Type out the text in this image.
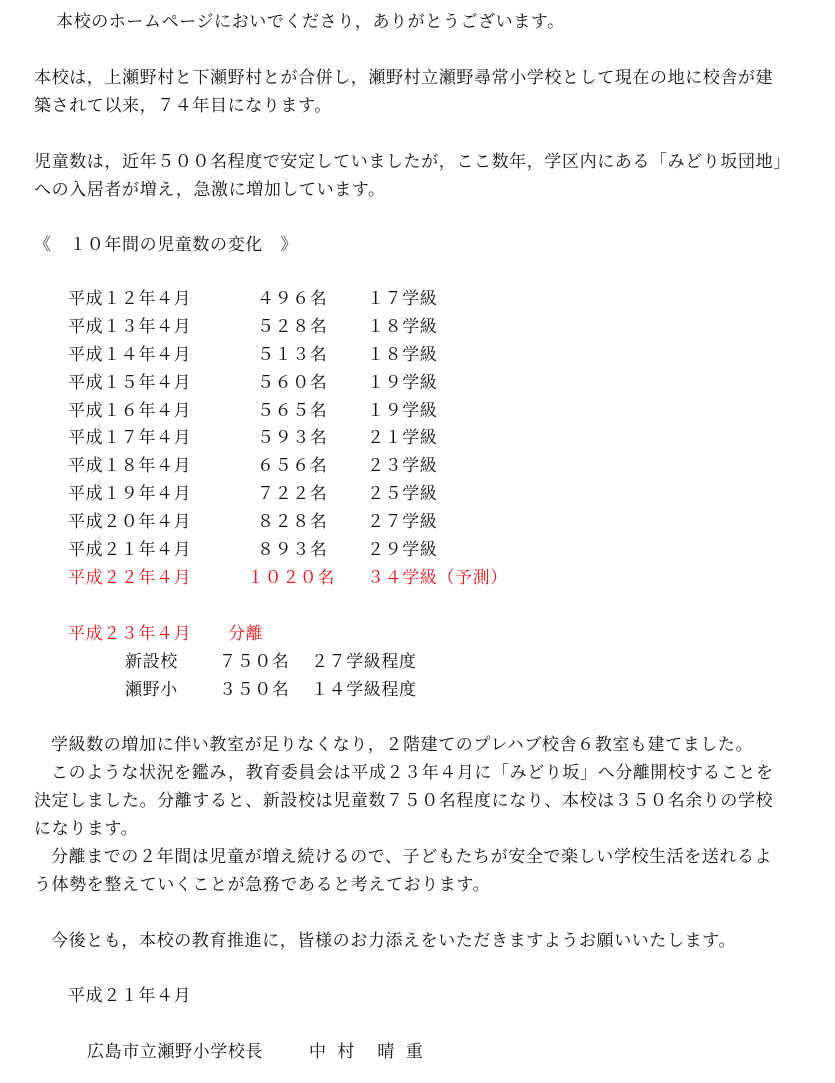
本校のホームページにおいでくださり，ありがとうございます。
本校は，上瀬野村と下瀬野村とが合併し，瀬野村立瀬野尋常小学校として現在の地に校舎が建
築されて以来，７４年目になります。
児童数は，近年５００名程度で安定していましたが，ここ数年，学区内にある「みどり坂団地」
への入居者が増え，急激に増加しています。
《　１０年間の児童数の変化　》
平成１２年４月	４９６名 １７学級
平成１３年４月	５２８名 １８学級
平成１４年４月	５１３名 １８学級
平成１５年４月	５６０名 １９学級
平成１６年４月	５６５名 １９学級
平成１７年４月	５９３名 ２１学級
平成１８年４月	６５６名 ２３学級
平成１９年４月	７２２名 ２５学級
平成２０年４月	８２８名 ２７学級
平成２１年４月	８９３名 ２９学級
平成２２年４月	１０２０名 ３４学級（予測）
平成２３年４月 分離
新設校 ７５０名 ２７学級程度
瀬野小 ３５０名 １４学級程度
学級数の増加に伴い教室が足りなくなり，２階建てのプレハブ校舎６教室も建てました。
このような状況を鑑み，教育委員会は平成２３年４月に「みどり坂」へ分離開校することを
決定しました。分離すると、新設校は児童数７５０名程度になり、本校は３５０名余りの学校
になります。
分離までの２年間は児童が増え続けるので、子どもたちが安全で楽しい学校生活を送れるよ
う体勢を整えていくことが急務であると考えております。
今後とも，本校の教育推進に，皆様のお力添えをいただきますようお願いいたします。
平成２１年４月
広島市立瀬野小学校長	中 村　晴 重
